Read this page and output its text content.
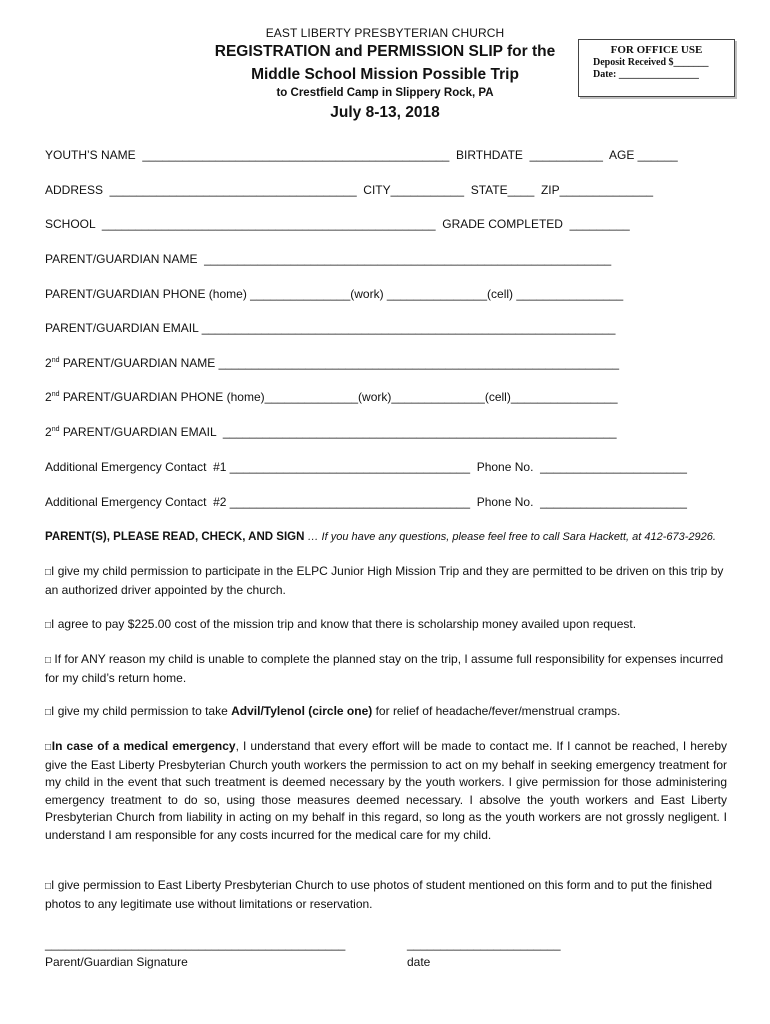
EAST LIBERTY PRESBYTERIAN CHURCH
REGISTRATION and PERMISSION SLIP for the
Middle School Mission Possible Trip
to Crestfield Camp in Slippery Rock, PA
July 8-13, 2018
FOR OFFICE USE
Deposit Received $_______
Date: ________________
YOUTH’S NAME  ______________________________________________  BIRTHDATE  ___________  AGE ______
ADDRESS  _____________________________________  CITY___________  STATE____  ZIP______________
SCHOOL  __________________________________________________  GRADE COMPLETED  _________
PARENT/GUARDIAN NAME  _____________________________________________________________
PARENT/GUARDIAN PHONE (home) _______________(work) _______________(cell) ________________
PARENT/GUARDIAN EMAIL ______________________________________________________________
2nd PARENT/GUARDIAN NAME ____________________________________________________________
2nd PARENT/GUARDIAN PHONE (home)______________(work)______________(cell)________________
2nd PARENT/GUARDIAN EMAIL  ___________________________________________________________
Additional Emergency Contact  #1 ____________________________________  Phone No.  ______________________
Additional Emergency Contact  #2 ____________________________________  Phone No.  ______________________
PARENT(S), PLEASE READ, CHECK, AND SIGN … If you have any questions, please feel free to call Sara Hackett, at 412-673-2926.
□I give my child permission to participate in the ELPC Junior High Mission Trip and they are permitted to be driven on this trip by an authorized driver appointed by the church.
□I agree to pay $225.00 cost of the mission trip and know that there is scholarship money availed upon request.
□ If for ANY reason my child is unable to complete the planned stay on the trip, I assume full responsibility for expenses incurred for my child’s return home.
□I give my child permission to take Advil/Tylenol (circle one) for relief of headache/fever/menstrual cramps.
□In case of a medical emergency, I understand that every effort will be made to contact me. If I cannot be reached, I hereby give the East Liberty Presbyterian Church youth workers the permission to act on my behalf in seeking emergency treatment for my child in the event that such treatment is deemed necessary by the youth workers. I give permission for those administering emergency treatment to do so, using those measures deemed necessary. I absolve the youth workers and East Liberty Presbyterian Church from liability in acting on my behalf in this regard, so long as the youth workers are not grossly negligent. I understand I am responsible for any costs incurred for the medical care for my child.
□I give permission to East Liberty Presbyterian Church to use photos of student mentioned on this form and to put the finished photos to any legitimate use without limitations or reservation.
_____________________________________________
Parent/Guardian Signature
_______________________
date
